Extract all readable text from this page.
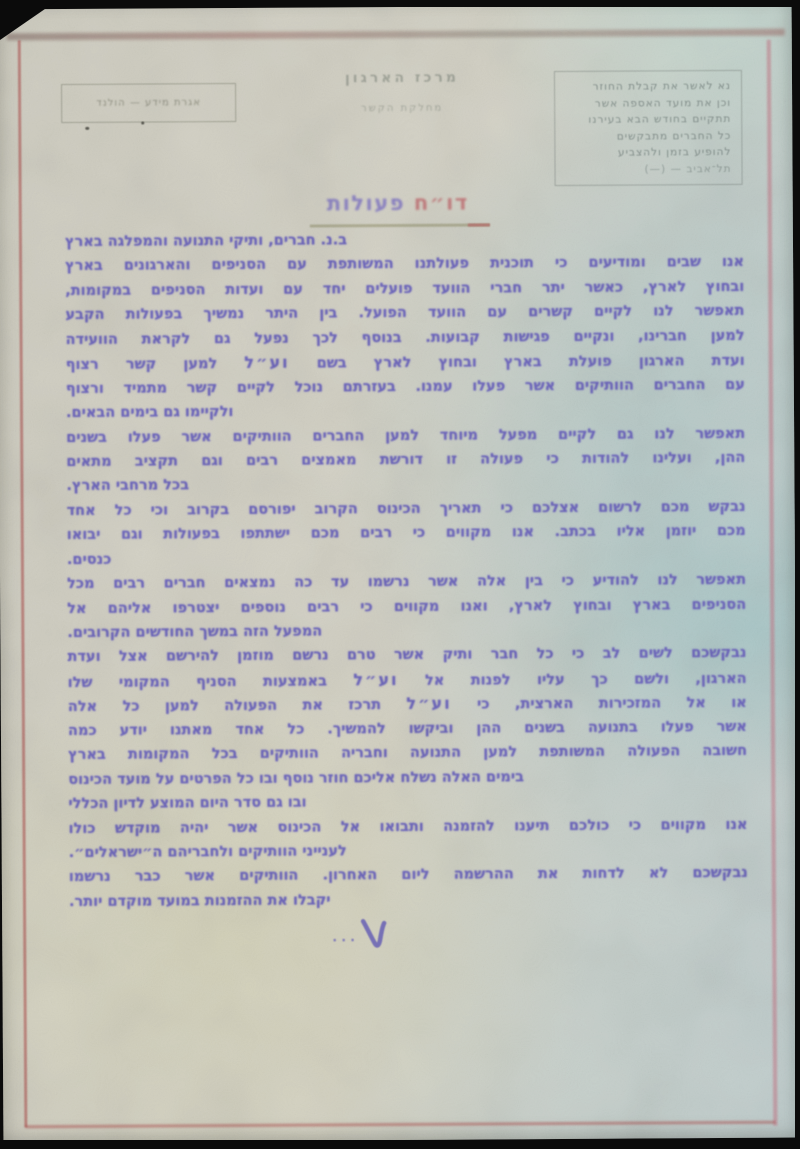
מרכז הארגון
מחלקת הקשר
אגרת מידע — הולנד
נא לאשר את קבלת החוזר
וכן את מועד האספה אשר
תתקיים בחודש הבא בעירנו
כל החברים מתבקשים
להופיע בזמן ולהצביע
תל־אביב — (—)
דו״ח פעולות
ב.נ. חברים, ותיקי התנועה והמפלגה בארץ
אנו שבים ומודיעים כי תוכנית פעולתנו המשותפת עם הסניפים והארגונים בארץ
ובחוץ לארץ, כאשר יתר חברי הוועד פועלים יחד עם ועדות הסניפים במקומות,
תאפשר לנו לקיים קשרים עם הוועד הפועל. בין היתר נמשיך בפעולות הקבע
למען חברינו, ונקיים פגישות קבועות. בנוסף לכך נפעל גם לקראת הוועידה
ועדת הארגון פועלת בארץ ובחוץ לארץ בשם וע״ל למען קשר רצוף
עם החברים הוותיקים אשר פעלו עמנו. בעזרתם נוכל לקיים קשר מתמיד ורצוף
ולקיימו גם בימים הבאים.
תאפשר לנו גם לקיים מפעל מיוחד למען החברים הוותיקים אשר פעלו בשנים
ההן, ועלינו להודות כי פעולה זו דורשת מאמצים רבים וגם תקציב מתאים
בכל מרחבי הארץ.
נבקש מכם לרשום אצלכם כי תאריך הכינוס הקרוב יפורסם בקרוב וכי כל אחד
מכם יוזמן אליו בכתב. אנו מקווים כי רבים מכם ישתתפו בפעולות וגם יבואו
כנסים.
תאפשר לנו להודיע כי בין אלה אשר נרשמו עד כה נמצאים חברים רבים מכל
הסניפים בארץ ובחוץ לארץ, ואנו מקווים כי רבים נוספים יצטרפו אליהם אל
המפעל הזה במשך החודשים הקרובים.
נבקשכם לשים לב כי כל חבר ותיק אשר טרם נרשם מוזמן להירשם אצל ועדת
הארגון, ולשם כך עליו לפנות אל וע״ל באמצעות הסניף המקומי שלו
או אל המזכירות הארצית, כי וע״ל תרכז את הפעולה למען כל אלה
אשר פעלו בתנועה בשנים ההן וביקשו להמשיך. כל אחד מאתנו יודע כמה
חשובה הפעולה המשותפת למען התנועה וחבריה הוותיקים בכל המקומות בארץ
בימים האלה נשלח אליכם חוזר נוסף ובו כל הפרטים על מועד הכינוס
ובו גם סדר היום המוצע לדיון הכללי
אנו מקווים כי כולכם תיענו להזמנה ותבואו אל הכינוס אשר יהיה מוקדש כולו
לענייני הוותיקים ולחבריהם ה״ישראלים״.
נבקשכם לא לדחות את ההרשמה ליום האחרון. הוותיקים אשר כבר נרשמו
יקבלו את ההזמנות במועד מוקדם יותר.
...
